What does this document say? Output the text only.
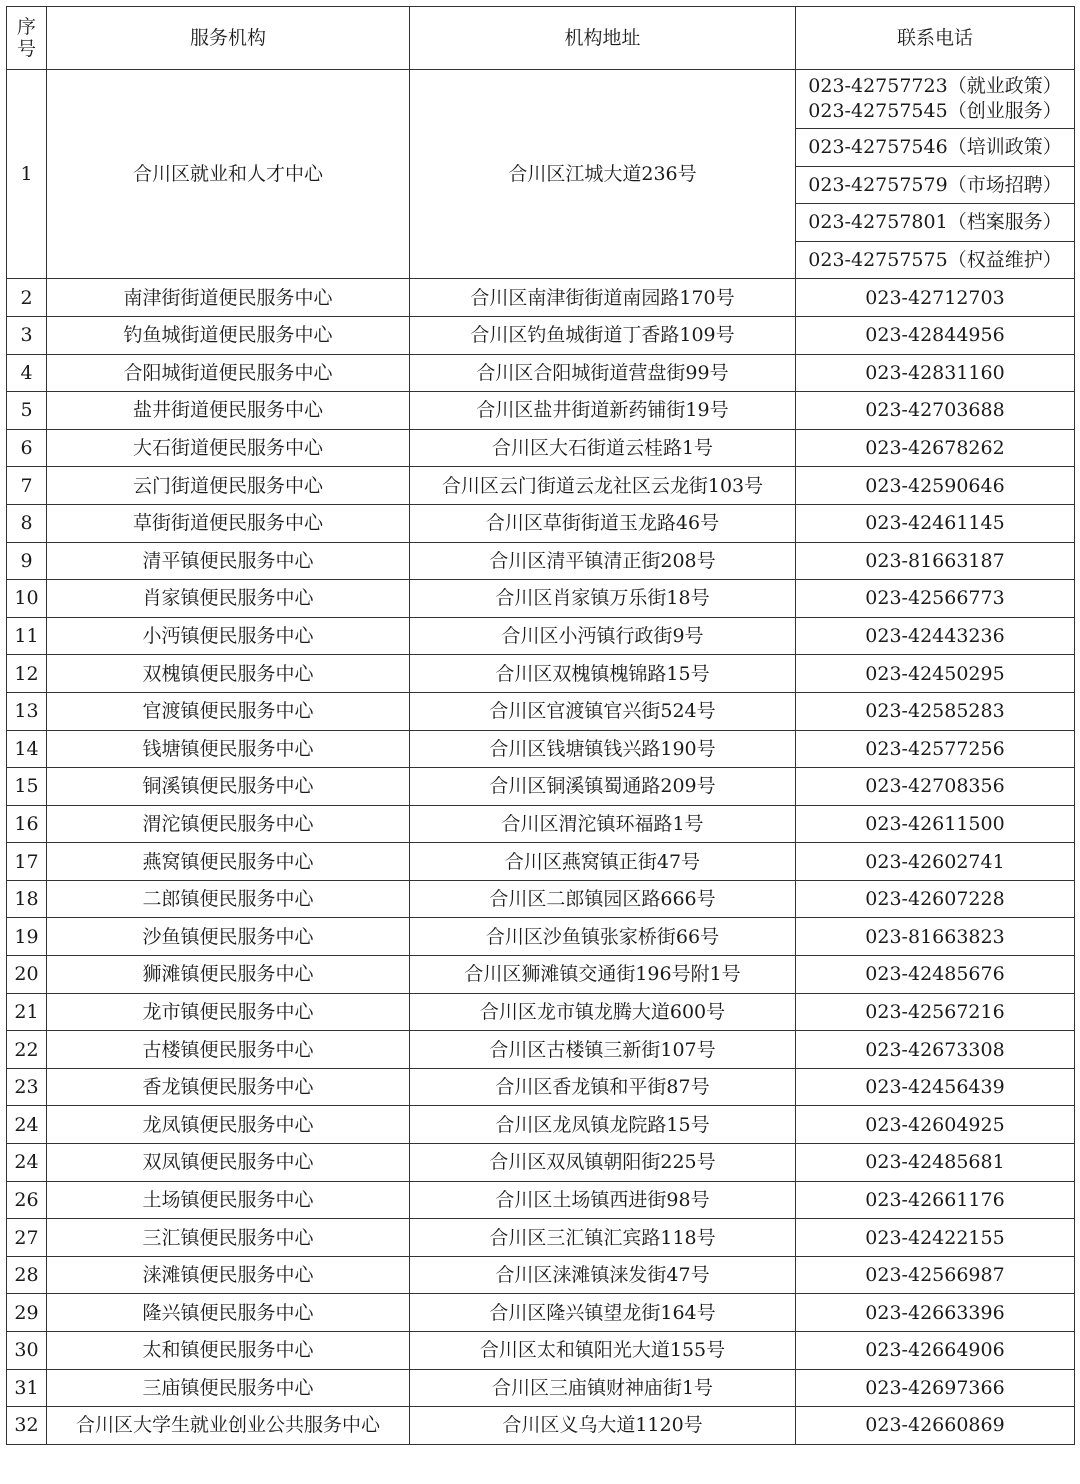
序
号	服务机构	机构地址	联系电话
1	合川区就业和人才中心	合川区江城大道236号	023-42757723（就业政策）
023-42757545（创业服务）
			023-42757546（培训政策）
			023-42757579（市场招聘）
			023-42757801（档案服务）
			023-42757575（权益维护）
2	南津街街道便民服务中心	合川区南津街街道南园路170号	023-42712703
3	钓鱼城街道便民服务中心	合川区钓鱼城街道丁香路109号	023-42844956
4	合阳城街道便民服务中心	合川区合阳城街道营盘街99号	023-42831160
5	盐井街道便民服务中心	合川区盐井街道新药铺街19号	023-42703688
6	大石街道便民服务中心	合川区大石街道云桂路1号	023-42678262
7	云门街道便民服务中心	合川区云门街道云龙社区云龙街103号	023-42590646
8	草街街道便民服务中心	合川区草街街道玉龙路46号	023-42461145
9	清平镇便民服务中心	合川区清平镇清正街208号	023-81663187
10	肖家镇便民服务中心	合川区肖家镇万乐街18号	023-42566773
11	小沔镇便民服务中心	合川区小沔镇行政街9号	023-42443236
12	双槐镇便民服务中心	合川区双槐镇槐锦路15号	023-42450295
13	官渡镇便民服务中心	合川区官渡镇官兴街524号	023-42585283
14	钱塘镇便民服务中心	合川区钱塘镇钱兴路190号	023-42577256
15	铜溪镇便民服务中心	合川区铜溪镇蜀通路209号	023-42708356
16	渭沱镇便民服务中心	合川区渭沱镇环福路1号	023-42611500
17	燕窝镇便民服务中心	合川区燕窝镇正街47号	023-42602741
18	二郎镇便民服务中心	合川区二郎镇园区路666号	023-42607228
19	沙鱼镇便民服务中心	合川区沙鱼镇张家桥街66号	023-81663823
20	狮滩镇便民服务中心	合川区狮滩镇交通街196号附1号	023-42485676
21	龙市镇便民服务中心	合川区龙市镇龙腾大道600号	023-42567216
22	古楼镇便民服务中心	合川区古楼镇三新街107号	023-42673308
23	香龙镇便民服务中心	合川区香龙镇和平街87号	023-42456439
24	龙凤镇便民服务中心	合川区龙凤镇龙院路15号	023-42604925
24	双凤镇便民服务中心	合川区双凤镇朝阳街225号	023-42485681
26	土场镇便民服务中心	合川区土场镇西进街98号	023-42661176
27	三汇镇便民服务中心	合川区三汇镇汇宾路118号	023-42422155
28	涞滩镇便民服务中心	合川区涞滩镇涞发街47号	023-42566987
29	隆兴镇便民服务中心	合川区隆兴镇望龙街164号	023-42663396
30	太和镇便民服务中心	合川区太和镇阳光大道155号	023-42664906
31	三庙镇便民服务中心	合川区三庙镇财神庙街1号	023-42697366
32	合川区大学生就业创业公共服务中心	合川区义乌大道1120号	023-42660869
